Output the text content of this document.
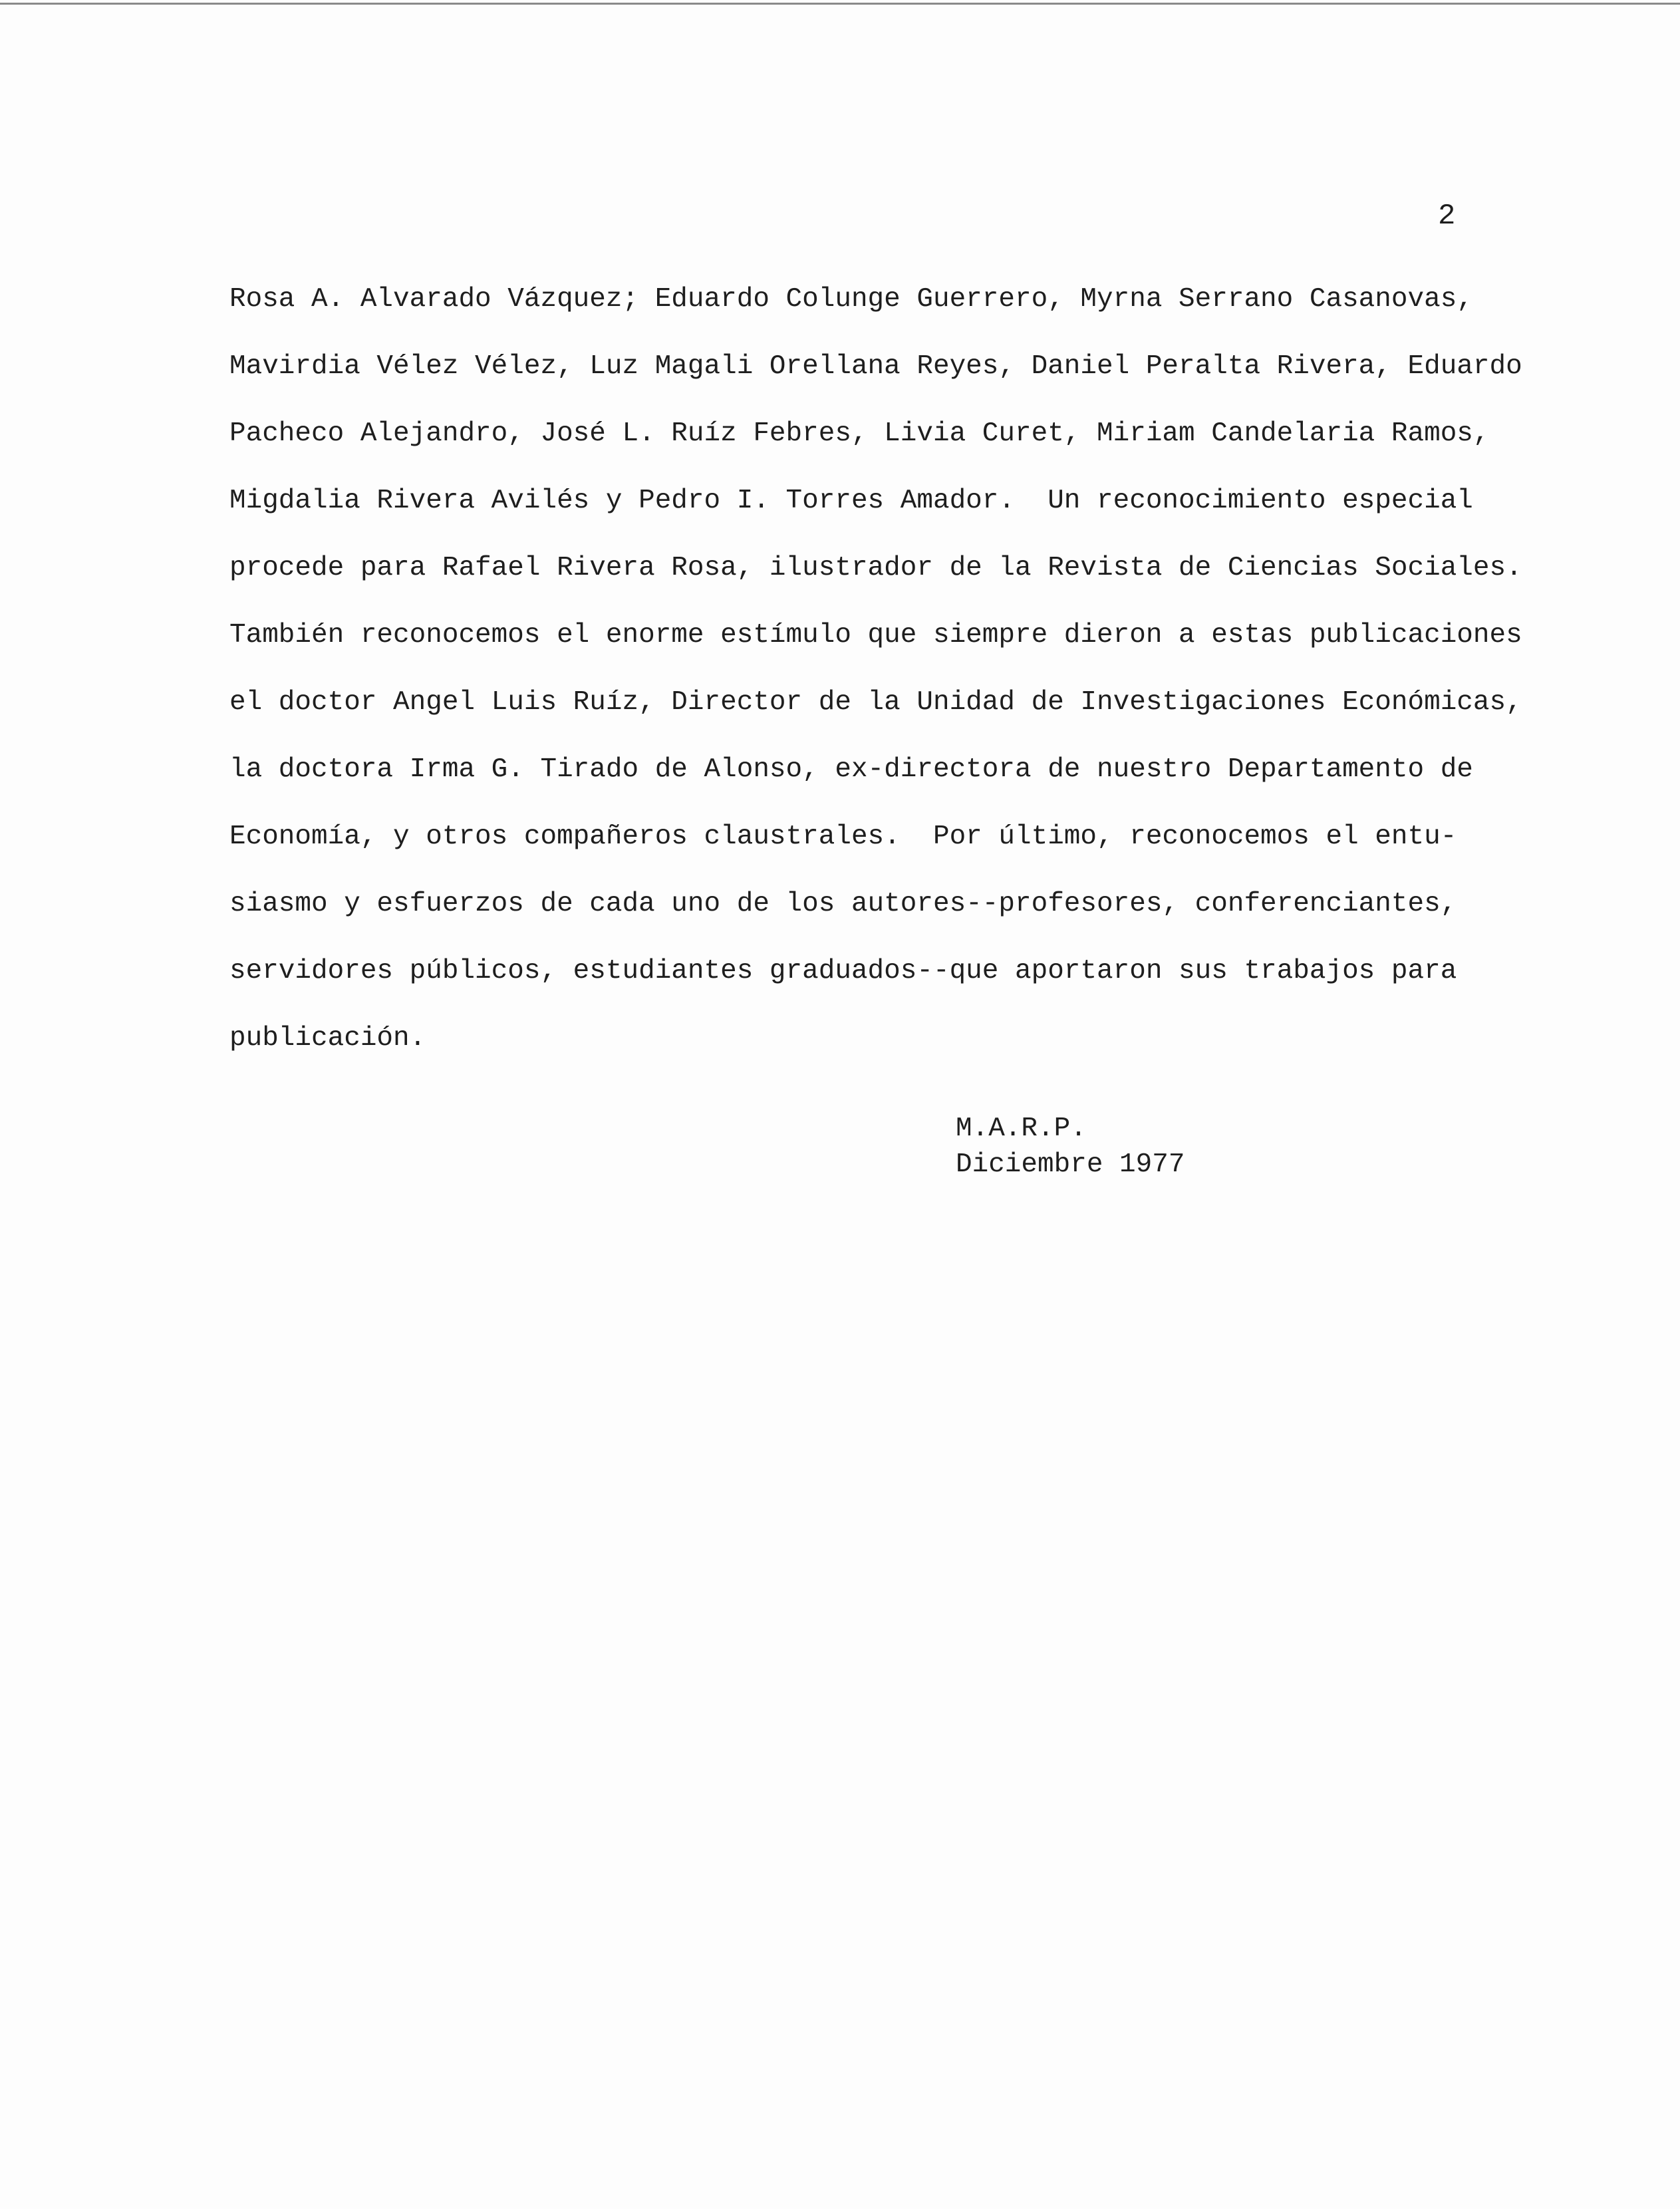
2
Rosa A. Alvarado Vázquez; Eduardo Colunge Guerrero, Myrna Serrano Casanovas,
Mavirdia Vélez Vélez, Luz Magali Orellana Reyes, Daniel Peralta Rivera, Eduardo
Pacheco Alejandro, José L. Ruíz Febres, Livia Curet, Miriam Candelaria Ramos,
Migdalia Rivera Avilés y Pedro I. Torres Amador.  Un reconocimiento especial
procede para Rafael Rivera Rosa, ilustrador de la Revista de Ciencias Sociales.
También reconocemos el enorme estímulo que siempre dieron a estas publicaciones
el doctor Angel Luis Ruíz, Director de la Unidad de Investigaciones Económicas,
la doctora Irma G. Tirado de Alonso, ex-directora de nuestro Departamento de
Economía, y otros compañeros claustrales.  Por último, reconocemos el entu-
siasmo y esfuerzos de cada uno de los autores--profesores, conferenciantes,
servidores públicos, estudiantes graduados--que aportaron sus trabajos para
publicación.
M.A.R.P.
Diciembre 1977
